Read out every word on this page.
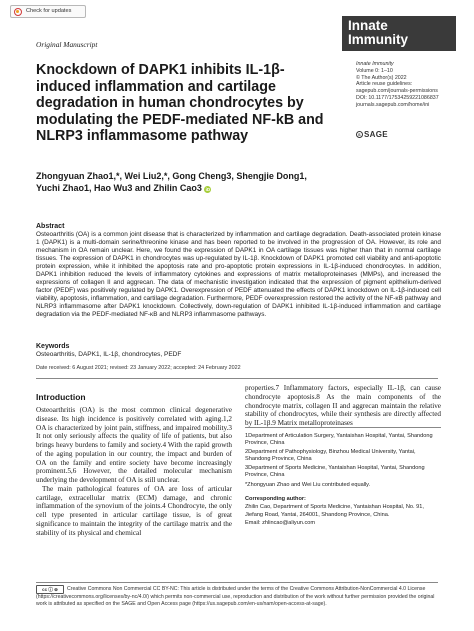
Check for updates
Innate
Immunity
Original Manuscript
Knockdown of DAPK1 inhibits IL-1β-induced inflammation and cartilage degradation in human chondrocytes by modulating the PEDF-mediated NF-kB and NLRP3 inflammasome pathway
Innate Immunity
Volume 0: 1–10
© The Author(s) 2022
Article reuse guidelines:
sagepub.com/journals-permissions
DOI: 10.1177/17534259221086837
journals.sagepub.com/home/ini
S SAGE
Zhongyuan Zhao1,*, Wei Liu2,*, Gong Cheng3, Shengjie Dong1,
Yuchi Zhao1, Hao Wu3 and Zhilin Cao3 iD
Abstract
Osteoarthritis (OA) is a common joint disease that is characterized by inflammation and cartilage degradation. Death-associated protein kinase 1 (DAPK1) is a multi-domain serine/threonine kinase and has been reported to be involved in the progression of OA. However, its role and mechanism in OA remain unclear. Here, we found the expression of DAPK1 in OA cartilage tissues was higher than that in normal cartilage tissues. The expression of DAPK1 in chondrocytes was up-regulated by IL-1β. Knockdown of DAPK1 promoted cell viability and anti-apoptotic protein expression, while it inhibited the apoptosis rate and pro-apoptotic protein expressions in IL-1β-induced chondrocytes. In addition, DAPK1 inhibition reduced the levels of inflammatory cytokines and expressions of matrix metalloproteinases (MMPs), and increased the expressions of collagen II and aggrecan. The data of mechanistic investigation indicated that the expression of pigment epithelium-derived factor (PEDF) was positively regulated by DAPK1. Overexpression of PEDF attenuated the effects of DAPK1 knockdown on IL-1β-induced cell viability, apoptosis, inflammation, and cartilage degradation. Furthermore, PEDF overexpression restored the activity of the NF-κB pathway and NLRP3 inflammasome after DAPK1 knockdown. Collectively, down-regulation of DAPK1 inhibited IL-1β-induced inflammation and cartilage degradation via the PEDF-mediated NF-κB and NLRP3 inflammasome pathways.
Keywords
Osteoarthritis, DAPK1, IL-1β, chondrocytes, PEDF
Date received: 6 August 2021; revised: 23 January 2022; accepted: 24 February 2022
Introduction

Osteoarthritis (OA) is the most common clinical degenerative disease. Its high incidence is positively correlated with aging.1,2 OA is characterized by joint pain, stiffness, and impaired mobility.3 It not only seriously affects the quality of life of patients, but also brings heavy burdens to family and society.4 With the rapid growth of the aging population in our country, the impact and burden of OA on the family and entire society have become increasingly prominent.5,6 However, the detailed molecular mechanism underlying the development of OA is still unclear.

The main pathological features of OA are loss of articular cartilage, extracellular matrix (ECM) damage, and chronic inflammation of the synovium of the joints.4 Chondrocyte, the only cell type presented in articular cartilage tissue, is of great significance to maintain the integrity of the cartilage matrix and the stability of its physical and chemical

properties.7 Inflammatory factors, especially IL-1β, can cause chondrocyte apoptosis.8 As the main components of the chondrocyte matrix, collagen II and aggrecan maintain the relative stability of chondrocytes, while their synthesis are directly affected by IL-1β.9 Matrix metalloproteinases

1Department of Articulation Surgery, Yantaishan Hospital, Yantai, Shandong Province, China

2Department of Pathophysiology, Binzhou Medical University, Yantai, Shandong Province, China

3Department of Sports Medicine, Yantaishan Hospital, Yantai, Shandong Province, China

*Zhongyuan Zhao and Wei Liu contributed equally.

Corresponding author:

Zhilin Cao, Department of Sports Medicine, Yantaishan Hospital, No. 91, Jiefang Road, Yantai, 264001, Shandong Province, China.

Email: zhlincao@aliyun.com

cc ⓘ ⊜ Creative Commons Non Commercial CC BY-NC: This article is distributed under the terms of the Creative Commons Attribution-NonCommercial 4.0 License (https://creativecommons.org/licenses/by-nc/4.0/) which permits non-commercial use, reproduction and distribution of the work without further permission provided the original work is attributed as specified on the SAGE and Open Access page (https://us.sagepub.com/en-us/nam/open-access-at-sage).
